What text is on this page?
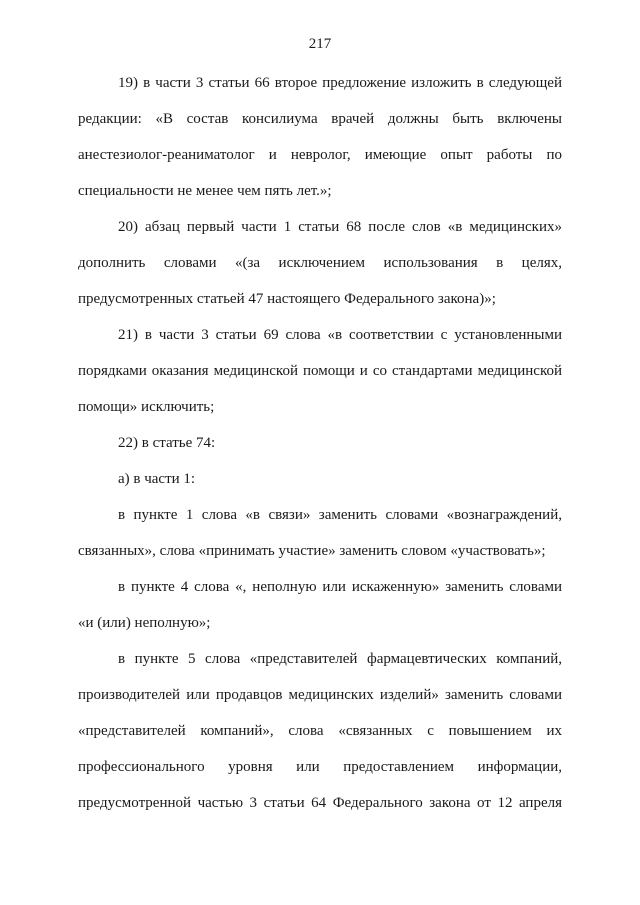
217
19) в части 3 статьи 66 второе предложение изложить в следующей
редакции: «В состав консилиума врачей должны быть включены
анестезиолог-реаниматолог и невролог, имеющие опыт работы по
специальности не менее чем пять лет.»;
20) абзац первый части 1 статьи 68 после слов «в медицинских»
дополнить словами «(за исключением использования в целях,
предусмотренных статьей 47 настоящего Федерального закона)»;
21) в части 3 статьи 69 слова «в соответствии с установленными
порядками оказания медицинской помощи и со стандартами медицинской
помощи» исключить;
22) в статье 74:
а) в части 1:
в пункте 1 слова «в связи» заменить словами «вознаграждений,
связанных», слова «принимать участие» заменить словом «участвовать»;
в пункте 4 слова «, неполную или искаженную» заменить словами
«и (или) неполную»;
в пункте 5 слова «представителей фармацевтических компаний,
производителей или продавцов медицинских изделий» заменить словами
«представителей компаний», слова «связанных с повышением их
профессионального уровня или предоставлением информации,
предусмотренной частью 3 статьи 64 Федерального закона от 12 апреля
